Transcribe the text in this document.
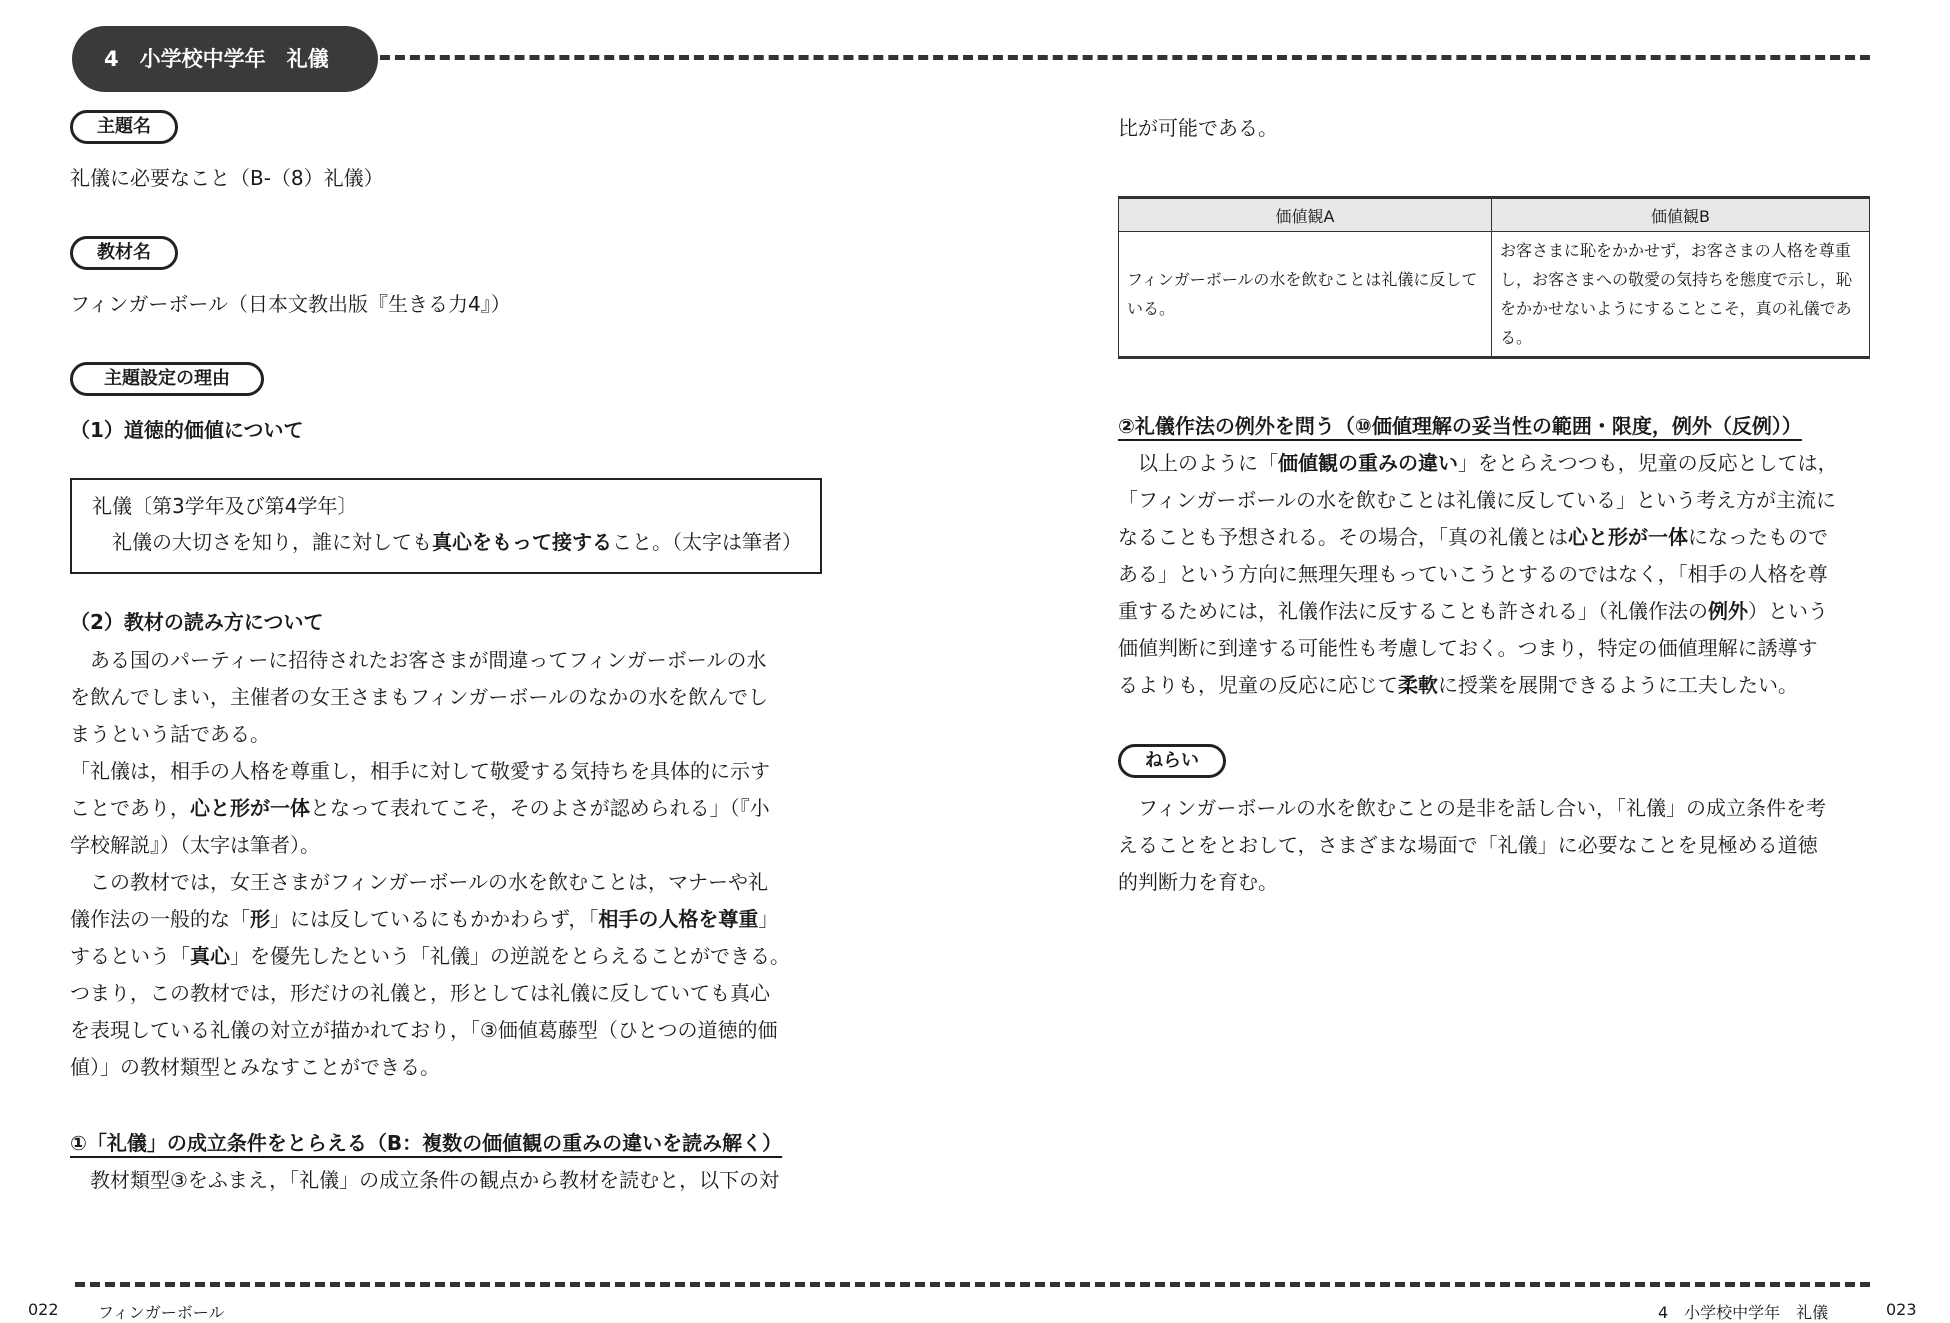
4　小学校中学年　礼儀
主題名
礼儀に必要なこと（B-（8）礼儀）
教材名
フィンガーボール（日本文教出版『生きる力4』）
主題設定の理由
（1）道徳的価値について
礼儀〔第3学年及び第4学年〕
　礼儀の大切さを知り，誰に対しても真心をもって接すること。（太字は筆者）
（2）教材の読み方について
　ある国のパーティーに招待されたお客さまが間違ってフィンガーボールの水
を飲んでしまい，主催者の女王さまもフィンガーボールのなかの水を飲んでし
まうという話である。
「礼儀は，相手の人格を尊重し，相手に対して敬愛する気持ちを具体的に示す
ことであり，心と形が一体となって表れてこそ，そのよさが認められる」（『小
学校解説』）（太字は筆者）。
　この教材では，女王さまがフィンガーボールの水を飲むことは，マナーや礼
儀作法の一般的な「形」には反しているにもかかわらず，「相手の人格を尊重」
するという「真心」を優先したという「礼儀」の逆説をとらえることができる。
つまり，この教材では，形だけの礼儀と，形としては礼儀に反していても真心
を表現している礼儀の対立が描かれており，「③価値葛藤型（ひとつの道徳的価
値）」の教材類型とみなすことができる。
①「礼儀」の成立条件をとらえる（B：複数の価値観の重みの違いを読み解く）
　教材類型③をふまえ，「礼儀」の成立条件の観点から教材を読むと，以下の対
比が可能である。
価値観A	価値観B
フィンガーボールの水を飲むことは礼儀に反している。	お客さまに恥をかかせず，お客さまの人格を尊重し，お客さまへの敬愛の気持ちを態度で示し，恥をかかせないようにすることこそ，真の礼儀である。
②礼儀作法の例外を問う（⑩価値理解の妥当性の範囲・限度，例外（反例））
　以上のように「価値観の重みの違い」をとらえつつも，児童の反応としては，
「フィンガーボールの水を飲むことは礼儀に反している」という考え方が主流に
なることも予想される。その場合，「真の礼儀とは心と形が一体になったもので
ある」という方向に無理矢理もっていこうとするのではなく，「相手の人格を尊
重するためには，礼儀作法に反することも許される」（礼儀作法の例外）という
価値判断に到達する可能性も考慮しておく。つまり，特定の価値理解に誘導す
るよりも，児童の反応に応じて柔軟に授業を展開できるように工夫したい。
ねらい
　フィンガーボールの水を飲むことの是非を話し合い，「礼儀」の成立条件を考
えることをとおして，さまざまな場面で「礼儀」に必要なことを見極める道徳
的判断力を育む。
022 フィンガーボール	4　小学校中学年　礼儀	023
